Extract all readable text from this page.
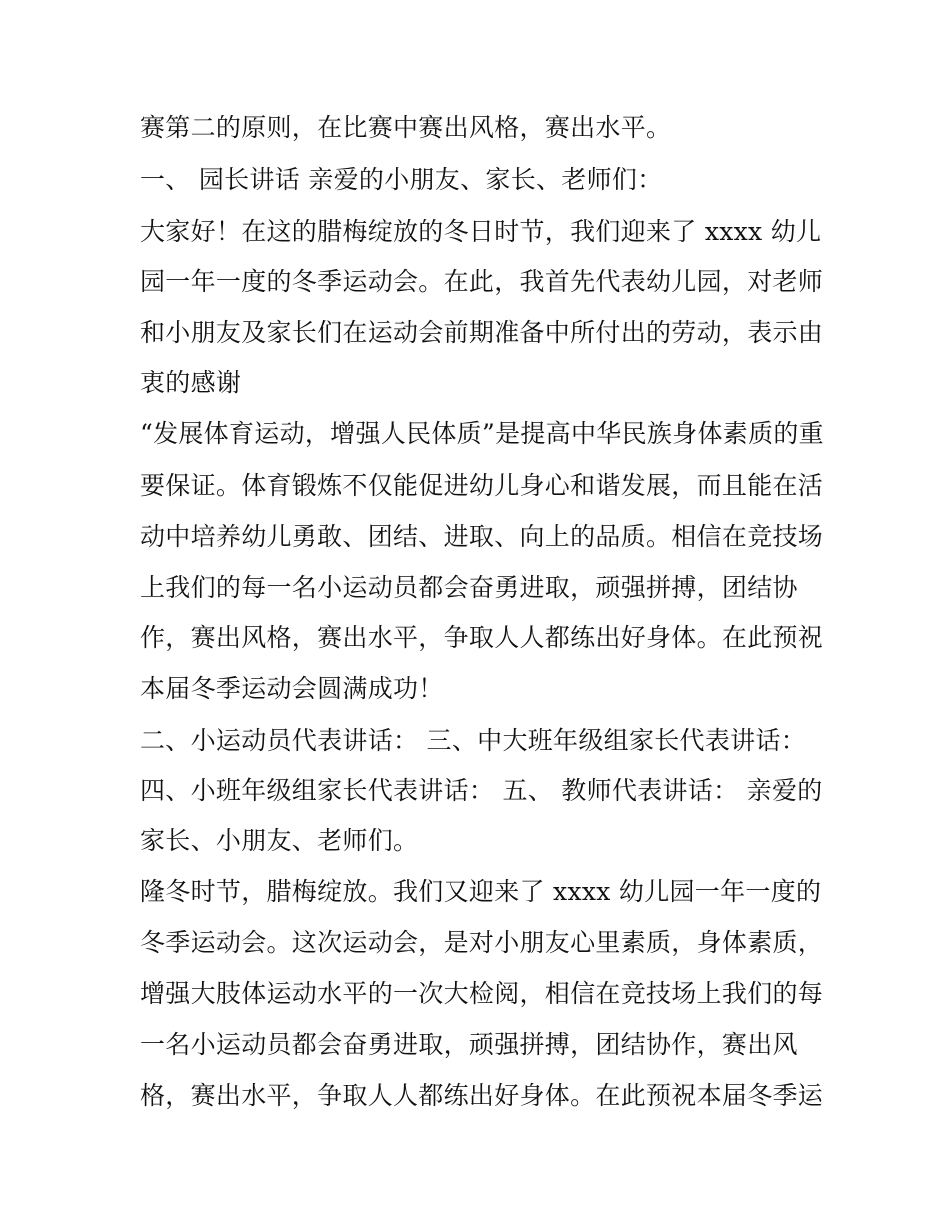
赛第二的原则，在比赛中赛出风格，赛出水平。
一、 园长讲话 亲爱的小朋友、家长、老师们：
大家好！在这的腊梅绽放的冬日时节，我们迎来了 xxxx 幼儿
园一年一度的冬季运动会。在此，我首先代表幼儿园，对老师
和小朋友及家长们在运动会前期准备中所付出的劳动，表示由
衷的感谢
“发展体育运动，增强人民体质”是提高中华民族身体素质的重
要保证。体育锻炼不仅能促进幼儿身心和谐发展，而且能在活
动中培养幼儿勇敢、团结、进取、向上的品质。相信在竞技场
上我们的每一名小运动员都会奋勇进取，顽强拼搏，团结协
作，赛出风格，赛出水平，争取人人都练出好身体。在此预祝
本届冬季运动会圆满成功！
二、小运动员代表讲话： 三、中大班年级组家长代表讲话：
四、小班年级组家长代表讲话： 五、 教师代表讲话： 亲爱的
家长、小朋友、老师们。
隆冬时节，腊梅绽放。我们又迎来了 xxxx 幼儿园一年一度的
冬季运动会。这次运动会，是对小朋友心里素质，身体素质，
增强大肢体运动水平的一次大检阅，相信在竞技场上我们的每
一名小运动员都会奋勇进取，顽强拼搏，团结协作，赛出风
格，赛出水平，争取人人都练出好身体。在此预祝本届冬季运
